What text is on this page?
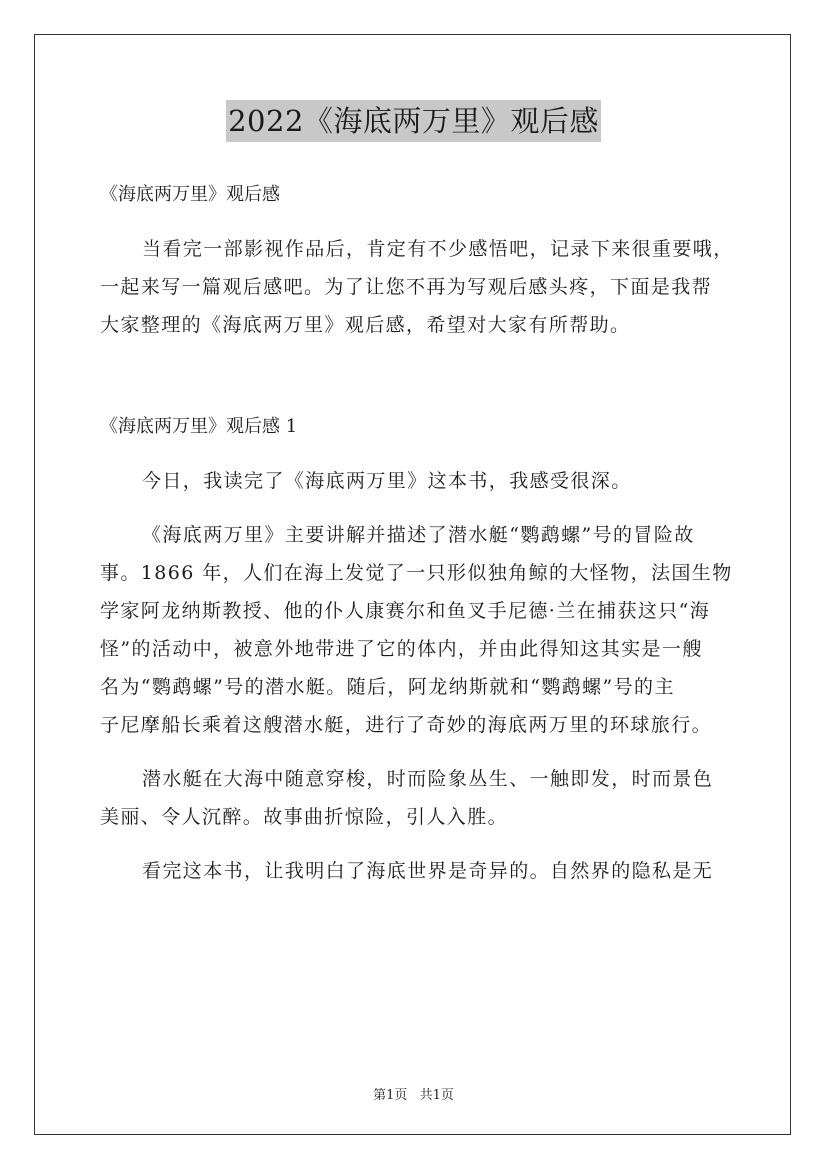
2022《海底两万里》观后感
《海底两万里》观后感
当看完一部影视作品后，肯定有不少感悟吧，记录下来很重要哦，
一起来写一篇观后感吧。为了让您不再为写观后感头疼，下面是我帮
大家整理的《海底两万里》观后感，希望对大家有所帮助。
《海底两万里》观后感 1
今日，我读完了《海底两万里》这本书，我感受很深。
《海底两万里》主要讲解并描述了潜水艇“鹦鹉螺”号的冒险故
事。1866 年，人们在海上发觉了一只形似独角鲸的大怪物，法国生物
学家阿龙纳斯教授、他的仆人康赛尔和鱼叉手尼德·兰在捕获这只“海
怪”的活动中，被意外地带进了它的体内，并由此得知这其实是一艘
名为“鹦鹉螺”号的潜水艇。随后，阿龙纳斯就和“鹦鹉螺”号的主
子尼摩船长乘着这艘潜水艇，进行了奇妙的海底两万里的环球旅行。
潜水艇在大海中随意穿梭，时而险象丛生、一触即发，时而景色
美丽、令人沉醉。故事曲折惊险，引人入胜。
看完这本书，让我明白了海底世界是奇异的。自然界的隐私是无
第1页 共1页
